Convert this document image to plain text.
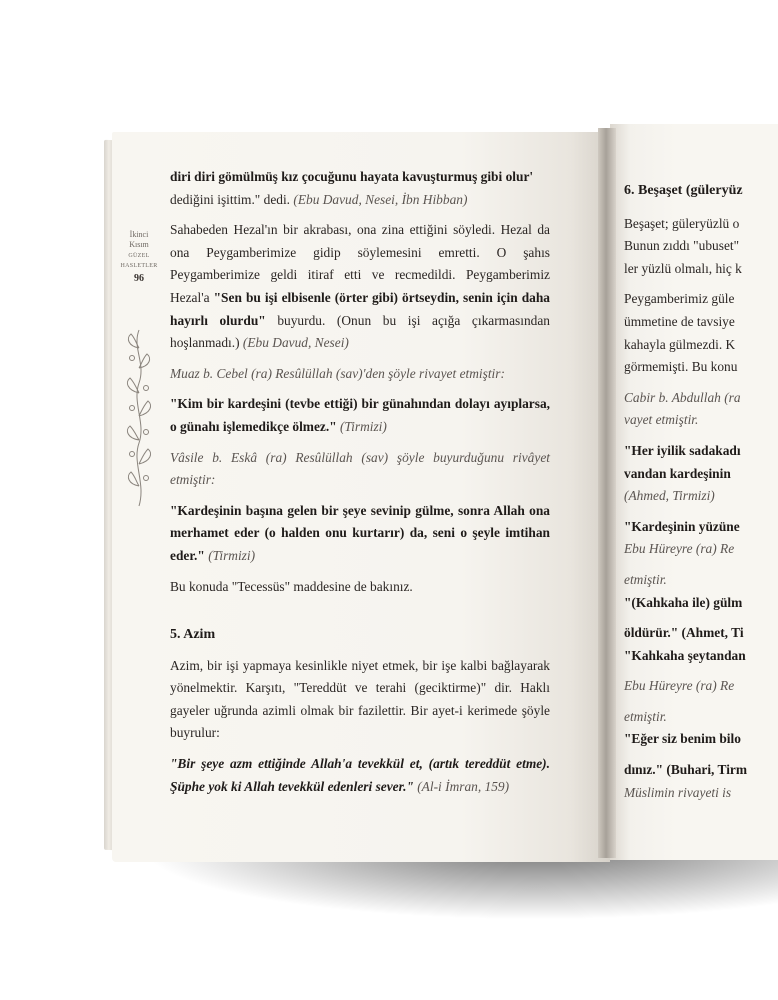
İkinci
Kısım
GÜZEL
HASLETLER
96

diri diri gömülmüş kız çocuğunu hayata kavuşturmuş gibi olur'
dediğini işittim." dedi. (Ebu Davud, Nesei, İbn Hibban)

Sahabeden Hezal'ın bir akrabası, ona zina ettiğini söyledi. Hezal da ona Peygamberimize gidip söylemesini emretti. O şahıs Peygamberimize geldi itiraf etti ve recmedildi. Peygamberimiz Hezal'a "Sen bu işi elbisenle (örter gibi) örtseydin, senin için daha hayırlı olurdu" buyurdu. (Onun bu işi açığa çıkarmasından hoşlanmadı.) (Ebu Davud, Nesei)

Muaz b. Cebel (ra) Resûlüllah (sav)'den şöyle rivayet etmiştir:

"Kim bir kardeşini (tevbe ettiği) bir günahından dolayı ayıplarsa, o günahı işlemedikçe ölmez." (Tirmizi)

Vâsile b. Eskâ (ra) Resûlüllah (sav) şöyle buyurduğunu rivâyet etmiştir:

"Kardeşinin başına gelen bir şeye sevinip gülme, sonra Allah ona merhamet eder (o halden onu kurtarır) da, seni o şeyle imtihan eder." (Tirmizi)

Bu konuda "Tecessüs" maddesine de bakınız.

5. Azim

Azim, bir işi yapmaya kesinlikle niyet etmek, bir işe kalbi bağlayarak yönelmektir. Karşıtı, "Tereddüt ve terahi (geciktirme)" dir. Haklı gayeler uğrunda azimli olmak bir fazilettir. Bir ayet-i kerimede şöyle buyrulur:

"Bir şeye azm ettiğinde Allah'a tevekkül et, (artık tereddüt etme). Şüphe yok ki Allah tevekkül edenleri sever." (Al-i İmran, 159)

6. Beşaşet (güleryüz

Beşaşet; güleryüzlü o
Bunun zıddı "ubuset"
ler yüzlü olmalı, hiç k

Peygamberimiz güle
ümmetine de tavsiye
kahayla gülmezdi. K
görmemişti. Bu konu

Cabir b. Abdullah (ra
vayet etmiştir.

"Her iyilik sadakadı
vandan kardeşinin
(Ahmed, Tirmizi)

"Kardeşinin yüzüne
Ebu Hüreyre (ra) Re

etmiştir.
"(Kahkaha ile) gülm

öldürür." (Ahmet, Ti
"Kahkaha şeytandan

Ebu Hüreyre (ra) Re

etmiştir.
"Eğer siz benim bilo

dınız." (Buhari, Tirm
Müslimin rivayeti is
